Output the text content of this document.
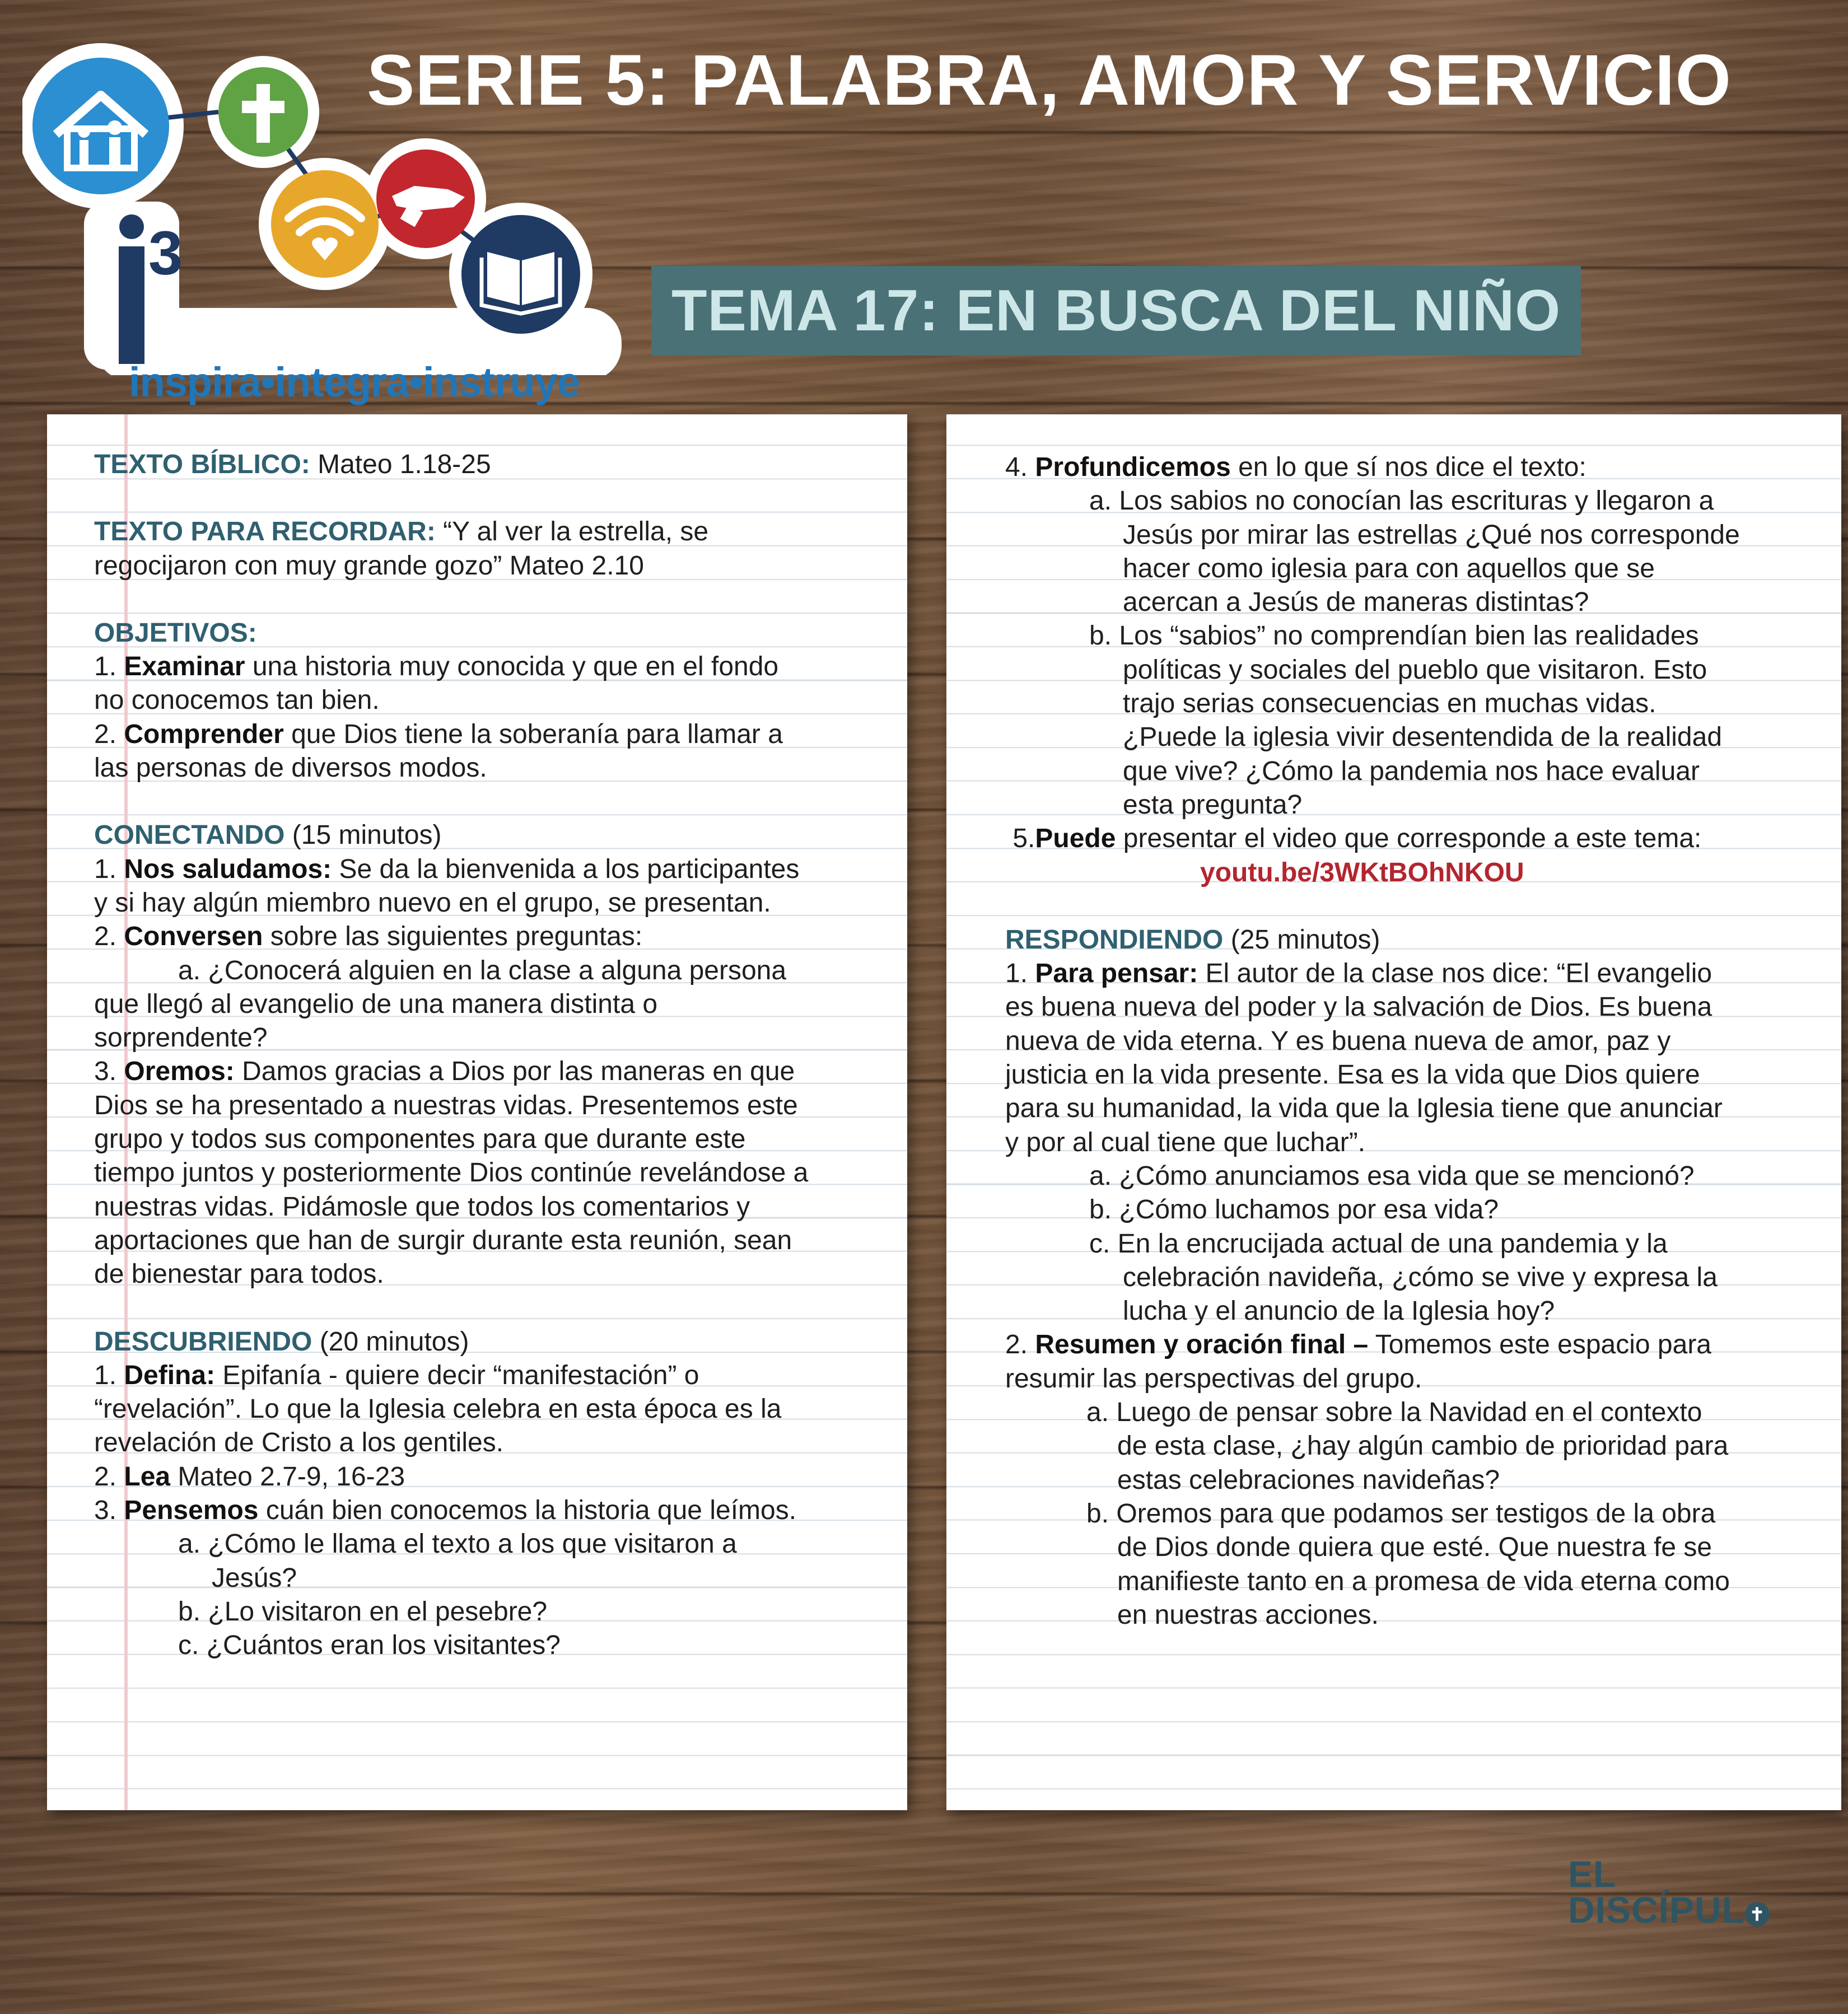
3
inspira•integra•instruye
SERIE 5: PALABRA, AMOR Y SERVICIO
TEMA 17: EN BUSCA DEL NIÑO

TEXTO BÍBLICO: Mateo 1.18-25

TEXTO PARA RECORDAR: “Y al ver la estrella, se

regocijaron con muy grande gozo” Mateo 2.10

OBJETIVOS:

1. Examinar una historia muy conocida y que en el fondo

no conocemos tan bien.

2. Comprender que Dios tiene la soberanía para llamar a

las personas de diversos modos.

CONECTANDO (15 minutos)

1. Nos saludamos: Se da la bienvenida a los participantes

y si hay algún miembro nuevo en el grupo, se presentan.

2. Conversen sobre las siguientes preguntas:

a. ¿Conocerá alguien en la clase a alguna persona

que llegó al evangelio de una manera distinta o

sorprendente?

3. Oremos: Damos gracias a Dios por las maneras en que

Dios se ha presentado a nuestras vidas. Presentemos este

grupo y todos sus componentes para que durante este

tiempo juntos y posteriormente Dios continúe revelándose a

nuestras vidas. Pidámosle que todos los comentarios y

aportaciones que han de surgir durante esta reunión, sean

de bienestar para todos.

DESCUBRIENDO (20 minutos)

1. Defina: Epifanía - quiere decir “manifestación” o

“revelación”. Lo que la Iglesia celebra en esta época es la

revelación de Cristo a los gentiles.

2. Lea Mateo 2.7-9, 16-23

3. Pensemos cuán bien conocemos la historia que leímos.

a. ¿Cómo le llama el texto a los que visitaron a

Jesús?

b. ¿Lo visitaron en el pesebre?

c. ¿Cuántos eran los visitantes?

4. Profundicemos en lo que sí nos dice el texto:

a. Los sabios no conocían las escrituras y llegaron a

Jesús por mirar las estrellas ¿Qué nos corresponde

hacer como iglesia para con aquellos que se

acercan a Jesús de maneras distintas?

b. Los “sabios” no comprendían bien las realidades

políticas y sociales del pueblo que visitaron. Esto

trajo serias consecuencias en muchas vidas.

¿Puede la iglesia vivir desentendida de la realidad

que vive? ¿Cómo la pandemia nos hace evaluar

esta pregunta?

5.Puede presentar el video que corresponde a este tema:

youtu.be/3WKtBOhNKOU

RESPONDIENDO (25 minutos)

1. Para pensar: El autor de la clase nos dice: “El evangelio

es buena nueva del poder y la salvación de Dios. Es buena

nueva de vida eterna. Y es buena nueva de amor, paz y

justicia en la vida presente. Esa es la vida que Dios quiere

para su humanidad, la vida que la Iglesia tiene que anunciar

y por al cual tiene que luchar”.

a. ¿Cómo anunciamos esa vida que se mencionó?

b. ¿Cómo luchamos por esa vida?

c. En la encrucijada actual de una pandemia y la

celebración navideña, ¿cómo se vive y expresa la

lucha y el anuncio de la Iglesia hoy?

2. Resumen y oración final – Tomemos este espacio para

resumir las perspectivas del grupo.

a. Luego de pensar sobre la Navidad en el contexto

de esta clase, ¿hay algún cambio de prioridad para

estas celebraciones navideñas?

b. Oremos para que podamos ser testigos de la obra

de Dios donde quiera que esté. Que nuestra fe se

manifieste tanto en a promesa de vida eterna como

en nuestras acciones.

EL
DISCÍPUL ✝
